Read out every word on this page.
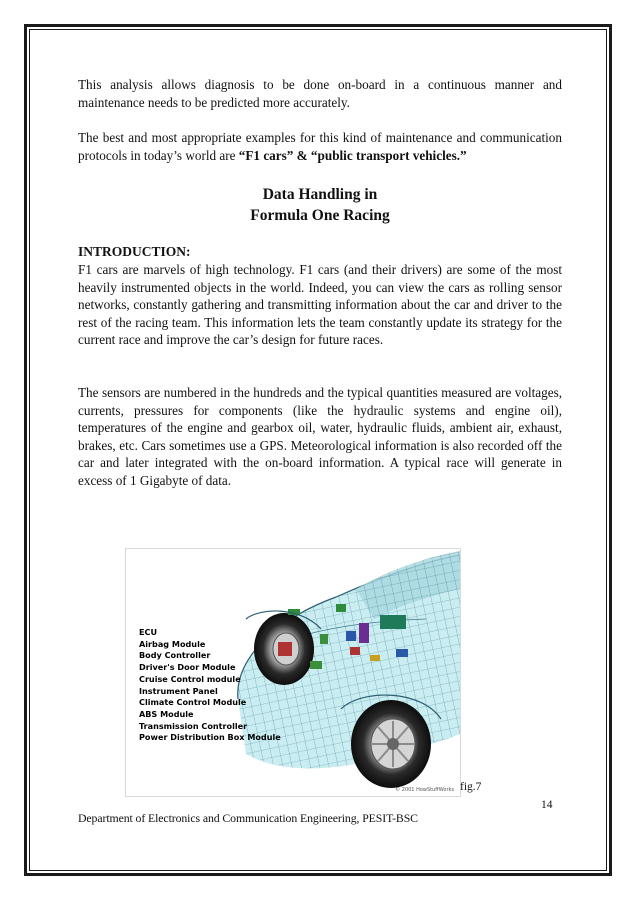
This analysis allows diagnosis to be done on-board in a continuous manner and maintenance needs to be predicted more accurately.

The best and most appropriate examples for this kind of maintenance and communication protocols in today’s world are “F1 cars” & “public transport vehicles.”

Data Handling in
Formula One Racing
INTRODUCTION:

F1 cars are marvels of high technology. F1 cars (and their drivers) are some of the most heavily instrumented objects in the world. Indeed, you can view the cars as rolling sensor networks, constantly gathering and transmitting information about the car and driver to the rest of the racing team. This information lets the team constantly update its strategy for the current race and improve the car’s design for future races.

The sensors are numbered in the hundreds and the typical quantities measured are voltages, currents, pressures for components (like the hydraulic systems and engine oil), temperatures of the engine and gearbox oil, water, hydraulic fluids, ambient air, exhaust, brakes, etc. Cars sometimes use a GPS. Meteorological information is also recorded off the car and later integrated with the on-board information. A typical race will generate in excess of 1 Gigabyte of data.

ECU
Airbag Module
Body Controller
Driver's Door Module
Cruise Control module
Instrument Panel
Climate Control Module
ABS Module
Transmission Controller
Power Distribution Box Module
© 2001 HowStuffWorks fig.7
14
Department of Electronics and Communication Engineering, PESIT-BSC
